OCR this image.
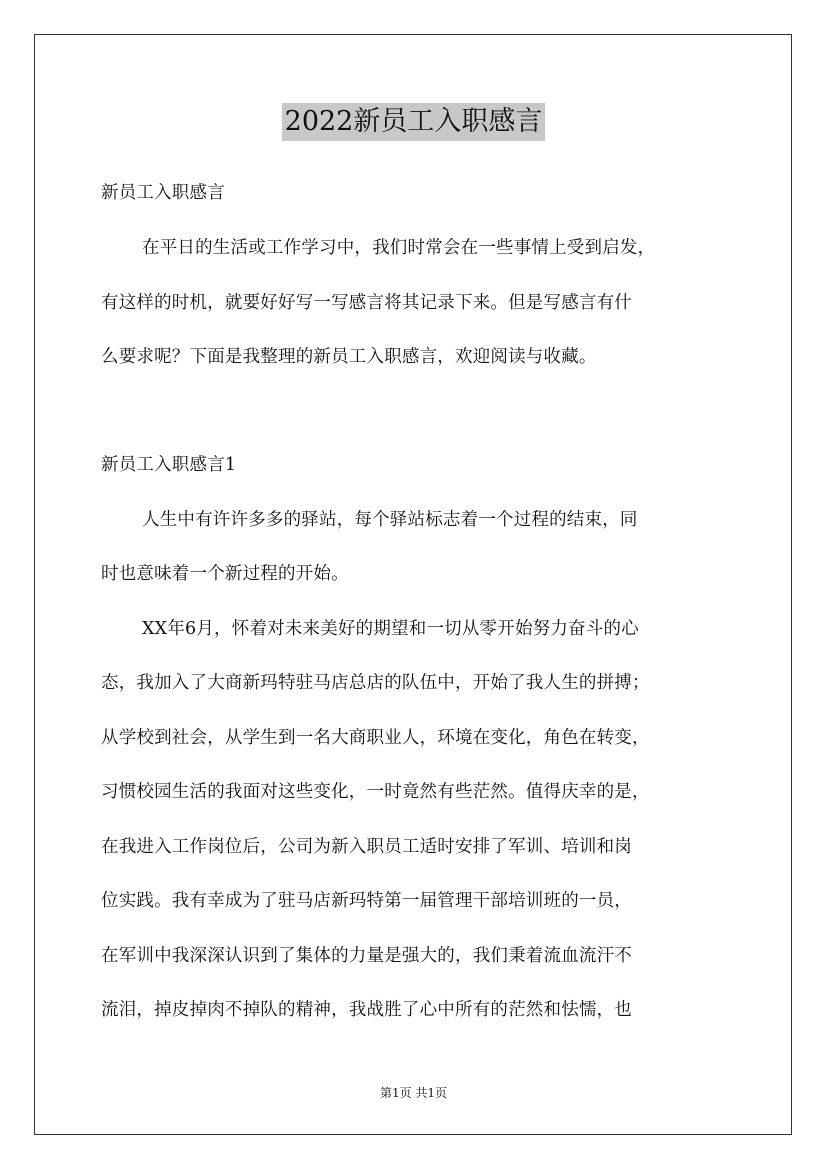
2022新员工入职感言
新员工入职感言
在平日的生活或工作学习中，我们时常会在一些事情上受到启发，
有这样的时机，就要好好写一写感言将其记录下来。但是写感言有什
么要求呢？下面是我整理的新员工入职感言，欢迎阅读与收藏。
新员工入职感言1
人生中有许许多多的驿站，每个驿站标志着一个过程的结束，同
时也意味着一个新过程的开始。
XX年6月，怀着对未来美好的期望和一切从零开始努力奋斗的心
态，我加入了大商新玛特驻马店总店的队伍中，开始了我人生的拼搏；
从学校到社会，从学生到一名大商职业人，环境在变化，角色在转变，
习惯校园生活的我面对这些变化，一时竟然有些茫然。值得庆幸的是，
在我进入工作岗位后，公司为新入职员工适时安排了军训、培训和岗
位实践。我有幸成为了驻马店新玛特第一届管理干部培训班的一员，
在军训中我深深认识到了集体的力量是强大的，我们秉着流血流汗不
流泪，掉皮掉肉不掉队的精神，我战胜了心中所有的茫然和怯懦，也
第1页 共1页
